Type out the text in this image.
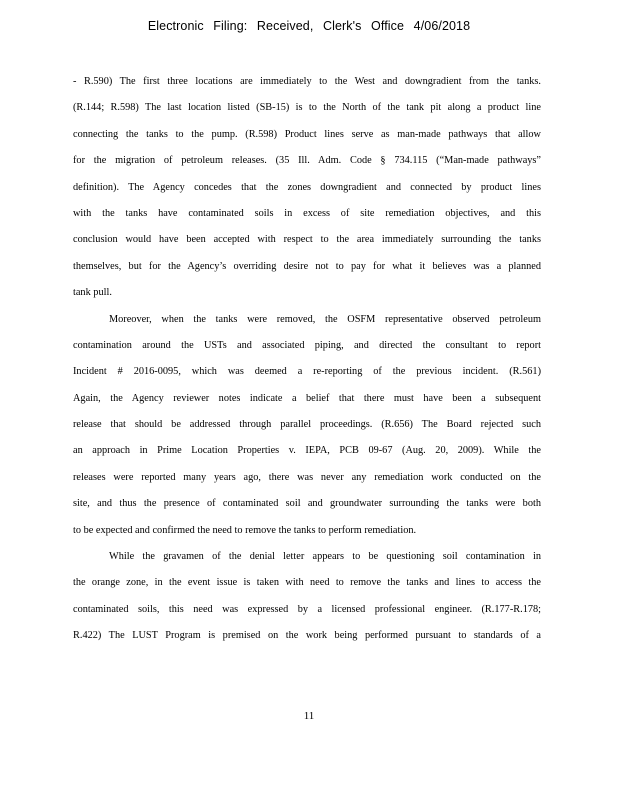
Electronic Filing: Received, Clerk's Office 4/06/2018
- R.590) The first three locations are immediately to the West and downgradient from the tanks.
(R.144; R.598) The last location listed (SB-15) is to the North of the tank pit along a product line
connecting the tanks to the pump. (R.598) Product lines serve as man-made pathways that allow
for the migration of petroleum releases. (35 Ill. Adm. Code § 734.115 (“Man-made pathways”
definition). The Agency concedes that the zones downgradient and connected by product lines
with the tanks have contaminated soils in excess of site remediation objectives, and this
conclusion would have been accepted with respect to the area immediately surrounding the tanks
themselves, but for the Agency’s overriding desire not to pay for what it believes was a planned
tank pull.
Moreover, when the tanks were removed, the OSFM representative observed petroleum
contamination around the USTs and associated piping, and directed the consultant to report
Incident # 2016-0095, which was deemed a re-reporting of the previous incident. (R.561)
Again, the Agency reviewer notes indicate a belief that there must have been a subsequent
release that should be addressed through parallel proceedings. (R.656) The Board rejected such
an approach in Prime Location Properties v. IEPA, PCB 09-67 (Aug. 20, 2009). While the
releases were reported many years ago, there was never any remediation work conducted on the
site, and thus the presence of contaminated soil and groundwater surrounding the tanks were both
to be expected and confirmed the need to remove the tanks to perform remediation.
While the gravamen of the denial letter appears to be questioning soil contamination in
the orange zone, in the event issue is taken with need to remove the tanks and lines to access the
contaminated soils, this need was expressed by a licensed professional engineer. (R.177-R.178;
R.422) The LUST Program is premised on the work being performed pursuant to standards of a
11
